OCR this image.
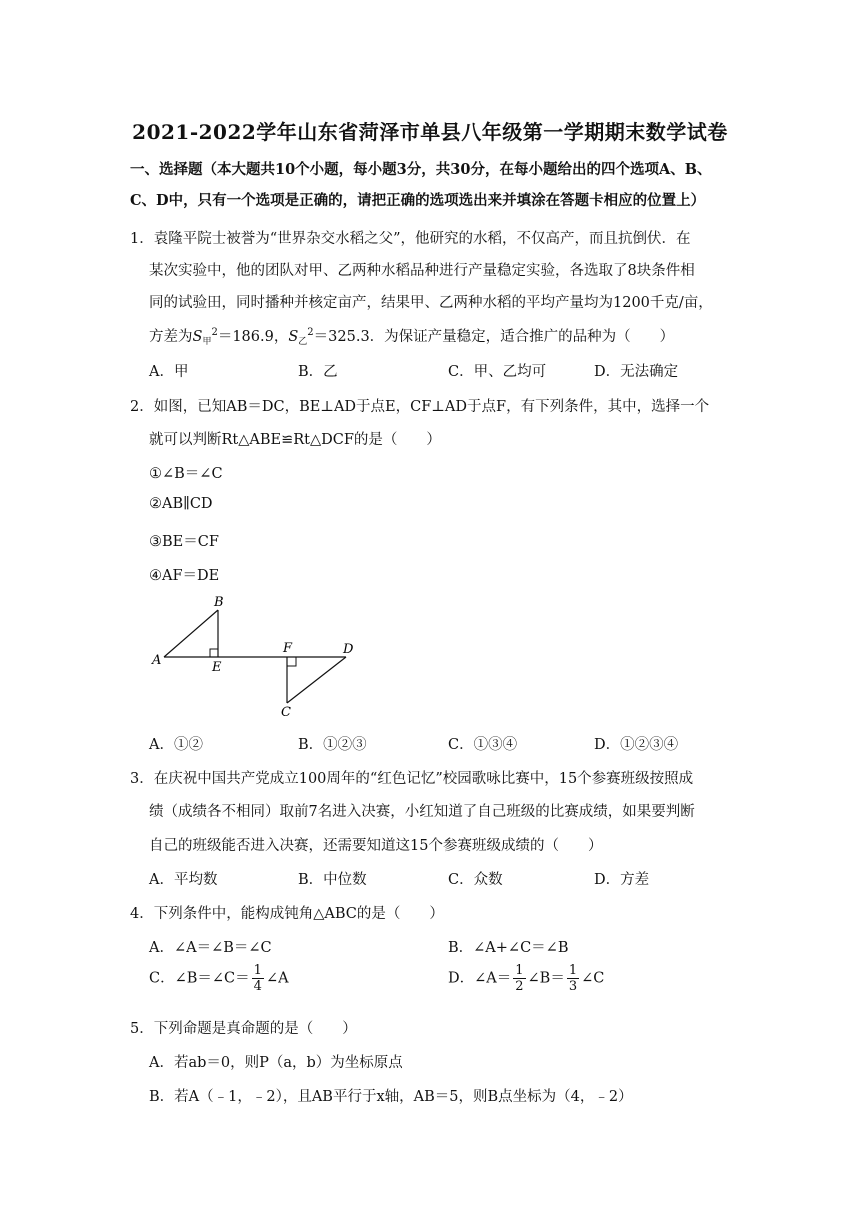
2021-2022学年山东省菏泽市单县八年级第一学期期末数学试卷
一、选择题（本大题共10个小题，每小题3分，共30分，在每小题给出的四个选项A、B、
C、D中，只有一个选项是正确的，请把正确的选项选出来并填涂在答题卡相应的位置上）
1．袁隆平院士被誉为“世界杂交水稻之父”，他研究的水稻，不仅高产，而且抗倒伏．在
某次实验中，他的团队对甲、乙两种水稻品种进行产量稳定实验，各选取了8块条件相
同的试验田，同时播种并核定亩产，结果甲、乙两种水稻的平均产量均为1200千克/亩，
方差为$S_甲^2=186.9$，$S_乙^2=325.3$．为保证产量稳定，适合推广的品种为（　　）
A．甲	B．乙	C．甲、乙均可	D．无法确定
2．如图，已知AB＝DC，BE⊥AD于点E，CF⊥AD于点F，有下列条件，其中，选择一个
就可以判断Rt△ABE≌Rt△DCF的是（　　）
①∠B＝∠C
②AB∥CD
③BE＝CF
④AF＝DE
A
B
E
F	D
C
A．①②	B．①②③	C．①③④	D．①②③④
3．在庆祝中国共产党成立100周年的“红色记忆”校园歌咏比赛中，15个参赛班级按照成
绩（成绩各不相同）取前7名进入决赛，小红知道了自己班级的比赛成绩，如果要判断
自己的班级能否进入决赛，还需要知道这15个参赛班级成绩的（　　）
A．平均数	B．中位数	C．众数	D．方差
4．下列条件中，能构成钝角△ABC的是（　　）
A．∠A＝∠B＝∠C	B．∠A+∠C＝∠B
C．∠B＝∠C＝ $\frac{1}{4}$ ∠A	D．∠A＝ $\frac{1}{2}$ ∠B＝ $\frac{1}{3}$ ∠C
5．下列命题是真命题的是（　　）
A．若ab＝0，则P（a，b）为坐标原点
B．若A（﹣1，﹣2），且AB平行于x轴，AB＝5，则B点坐标为（4，﹣2）
